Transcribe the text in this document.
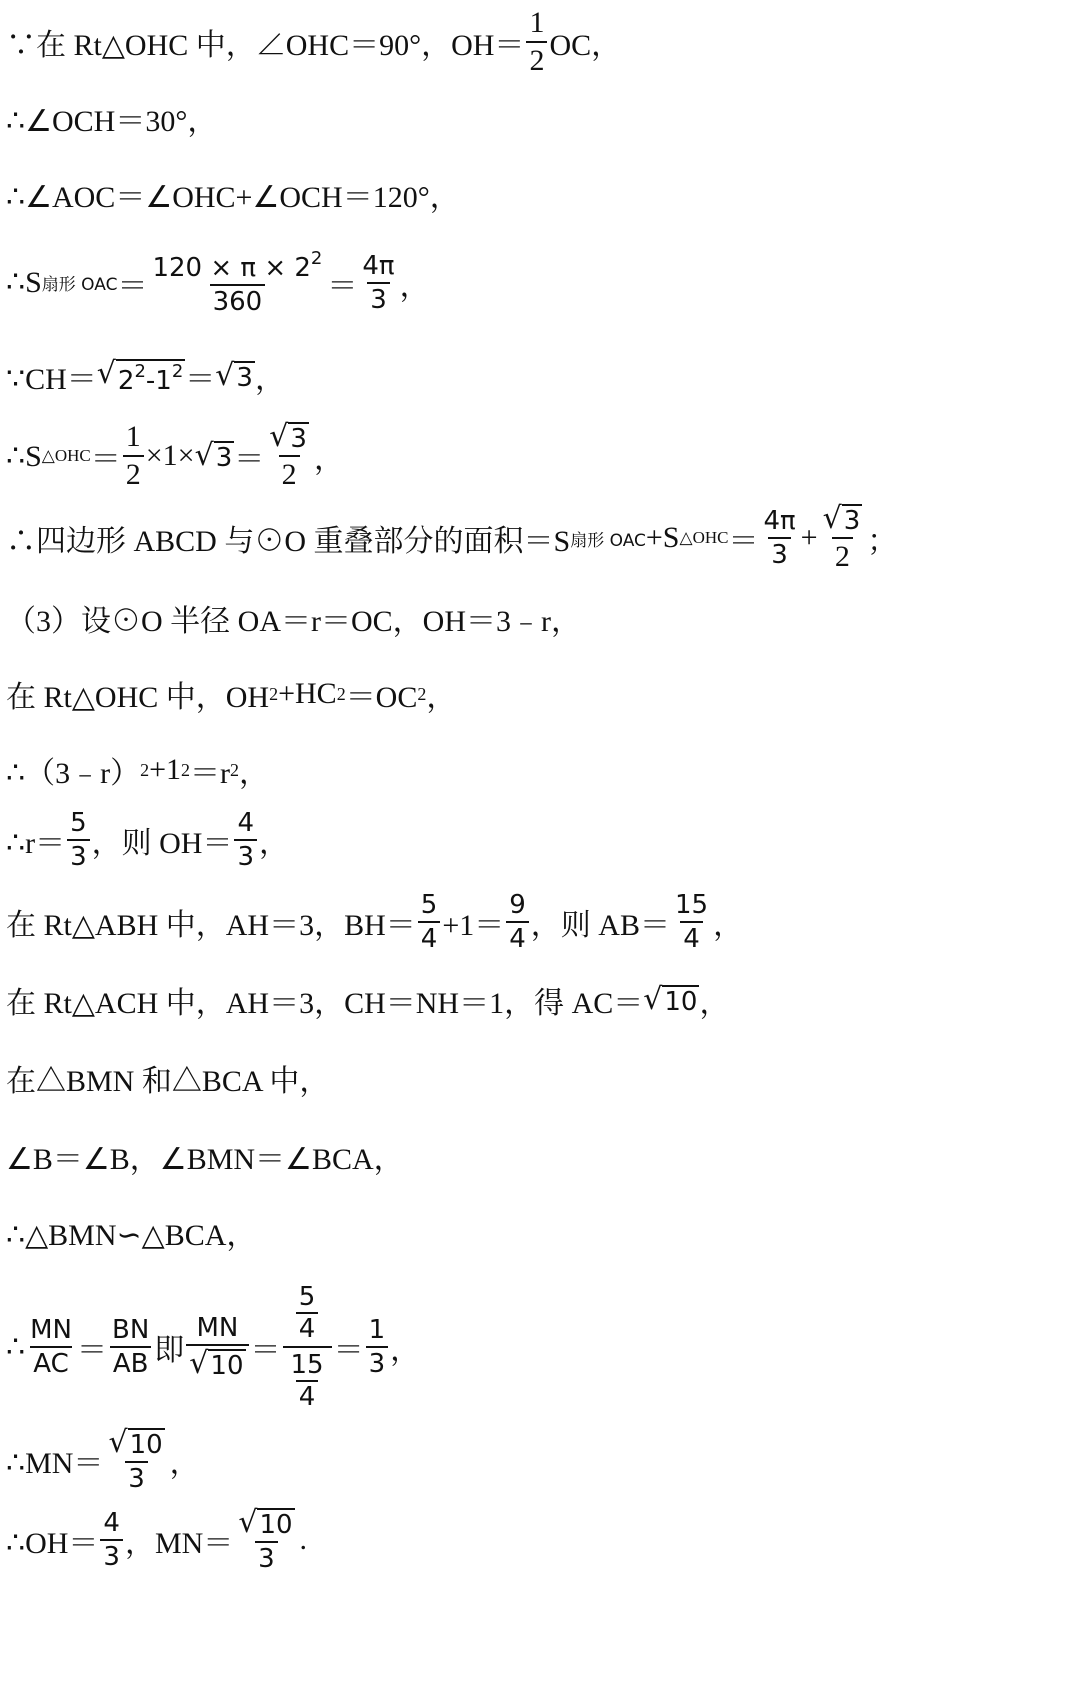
∵在 Rt△OHC 中，∠OHC＝90°，$OH= \frac{1}{2}$ OC，
∴∠OCH＝30°，
∴∠AOC＝∠OHC+∠OCH＝120°，
∴S 扇形 OAC ＝ $\frac{120 \times \pi \times 2^2}{360} = \frac{4\pi}{3}$ ，
∵CH＝ √ $2^2-1^2$ ＝ √ 3 ，
∴S △OHC ＝ $\frac{1}{2} \times 1\times$ √ $3 = \frac{√ 3}{2}$ ，
∴四边形 ABCD 与⊙O 重叠部分的面积＝S 扇形 OAC +S △OHC ＝ $\frac{4\pi}{3} + \frac{√ 3}{2}$ ；
（3）设⊙O 半径 OA＝r＝OC，OH＝3﹣r，
在 Rt△OHC 中，OH 2 +HC 2 ＝OC 2 ，
∴（3﹣r） 2 +1 2 ＝r 2 ，
∴r＝ $\frac{5}{3}$ ，则 $OH= \frac{4}{3}$ ，
在 Rt△ABH 中，AH＝3，$BH= \frac{5}{4} +1= \frac{9}{4}$ ，则 $AB= \frac{15}{4}$ ，
在 Rt△ACH 中，AH＝3，CH＝NH＝1，得 AC＝ √ 10 ，
在△BMN 和△BCA 中，
∠B＝∠B，∠BMN＝∠BCA，
∴△BMN∽△BCA，
∴ $\frac{MN}{AC} = \frac{BN}{AB}$ 即 $\frac{MN}{√ 10} = \frac{\frac{5}{4}}{\frac{15}{4}} = \frac{1}{3}$ ，
∴MN＝ $\frac{√ 10}{3}$ ，
∴OH＝ $\frac{4}{3}$ ，$MN= \frac{√ 10}{3}$ .
